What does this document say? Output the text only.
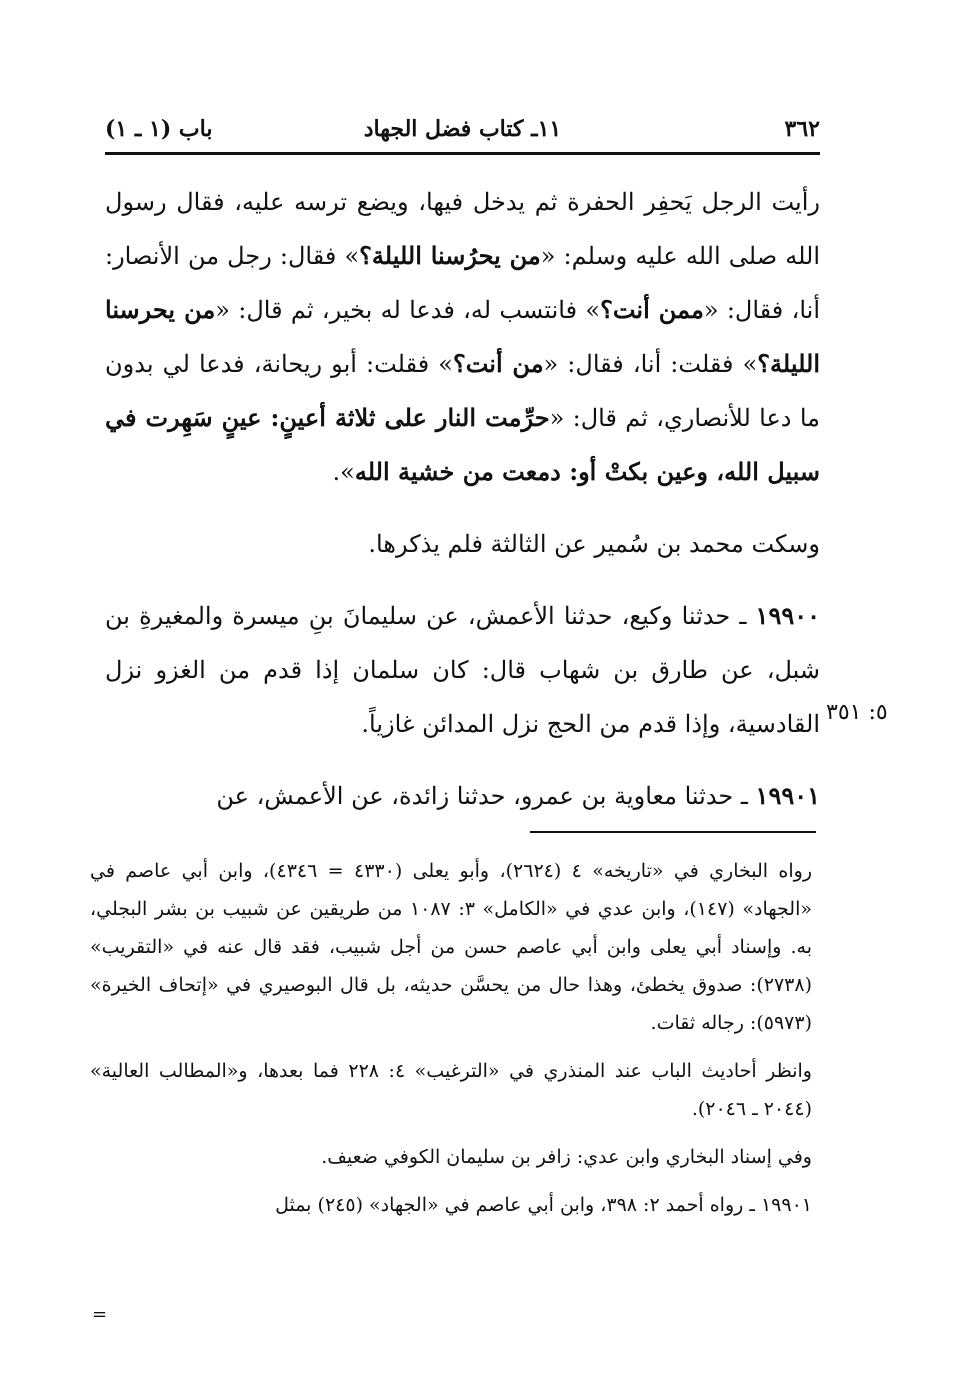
٣٦٢
١١ـ كتاب فضل الجهاد
باب (١ ـ ١)

رأيت الرجل يَحفِر الحفرة ثم يدخل فيها، ويضع ترسه عليه، فقال رسول الله صلى الله عليه وسلم: «من يحرُسنا الليلة؟» فقال: رجل من الأنصار: أنا، فقال: «ممن أنت؟» فانتسب له، فدعا له بخير، ثم قال: «من يحرسنا الليلة؟» فقلت: أنا، فقال: «من أنت؟» فقلت: أبو ريحانة، فدعا لي بدون ما دعا للأنصاري، ثم قال: «حرِّمت النار على ثلاثة أعينٍ: عينٍ سَهِرت في سبيل الله، وعين بكتْ أو: دمعت من خشية الله».

وسكت محمد بن سُمير عن الثالثة فلم يذكرها.

١٩٩٠٠ ـ حدثنا وكيع، حدثنا الأعمش، عن سليمانَ بنِ ميسرة والمغيرةِ بن شبل، عن طارق بن شهاب قال: كان سلمان إذا قدم من الغزو نزل القادسية، وإذا قدم من الحج نزل المدائن غازياً.

١٩٩٠١ ـ حدثنا معاوية بن عمرو، حدثنا زائدة، عن الأعمش، عن

٥: ٣٥١

رواه البخاري في «تاريخه» ٤ (٢٦٢٤)، وأبو يعلى (٤٣٣٠ = ٤٣٤٦)، وابن أبي عاصم في «الجهاد» (١٤٧)، وابن عدي في «الكامل» ٣: ١٠٨٧ من طريقين عن شبيب بن بشر البجلي، به. وإسناد أبي يعلى وابن أبي عاصم حسن من أجل شبيب، فقد قال عنه في «التقريب» (٢٧٣٨): صدوق يخطئ، وهذا حال من يحسَّن حديثه، بل قال البوصيري في «إتحاف الخيرة» (٥٩٧٣): رجاله ثقات.

وانظر أحاديث الباب عند المنذري في «الترغيب» ٤: ٢٢٨ فما بعدها، و«المطالب العالية» (٢٠٤٤ ـ ٢٠٤٦).

وفي إسناد البخاري وابن عدي: زافر بن سليمان الكوفي ضعيف.

١٩٩٠١ ـ رواه أحمد ٢: ٣٩٨، وابن أبي عاصم في «الجهاد» (٢٤٥) بمثل

=
